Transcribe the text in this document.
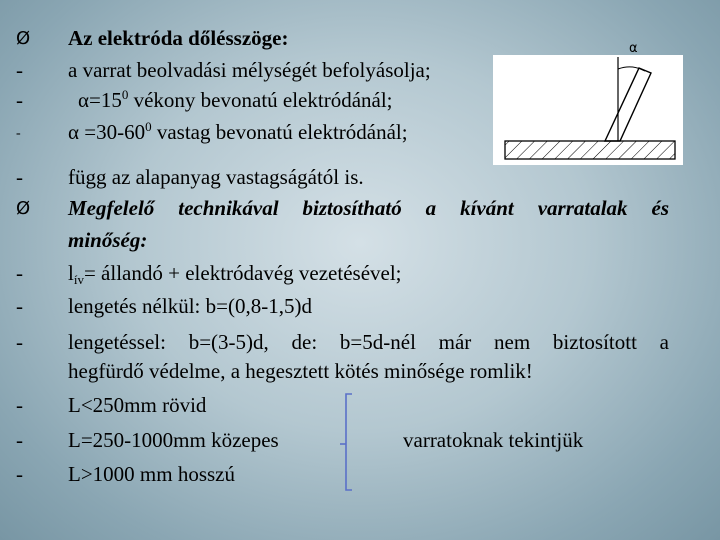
Ø Az elektróda dőlésszöge:
- a varrat beolvadási mélységét befolyásolja;
-	$\alpha=15^0$ vékony bevonatú elektródánál;
- $\alpha =30-60^0$ vastag bevonatú elektródánál;
α
- függ az alapanyag vastagságától is.
Ø Megfelelő technikával biztosítható a kívánt varratalak és
minőség:
- $l_{ív}=$ állandó + elektródavég vezetésével;
- lengetés nélkül: b=(0,8-1,5)d
- lengetéssel: b=(3-5)d, de: b=5d-nél már nem biztosított a
hegfürdő védelme, a hegesztett kötés minősége romlik!
- L<250mm rövid
- L=250-1000mm közepes	varratoknak tekintjük
- L>1000 mm hosszú
